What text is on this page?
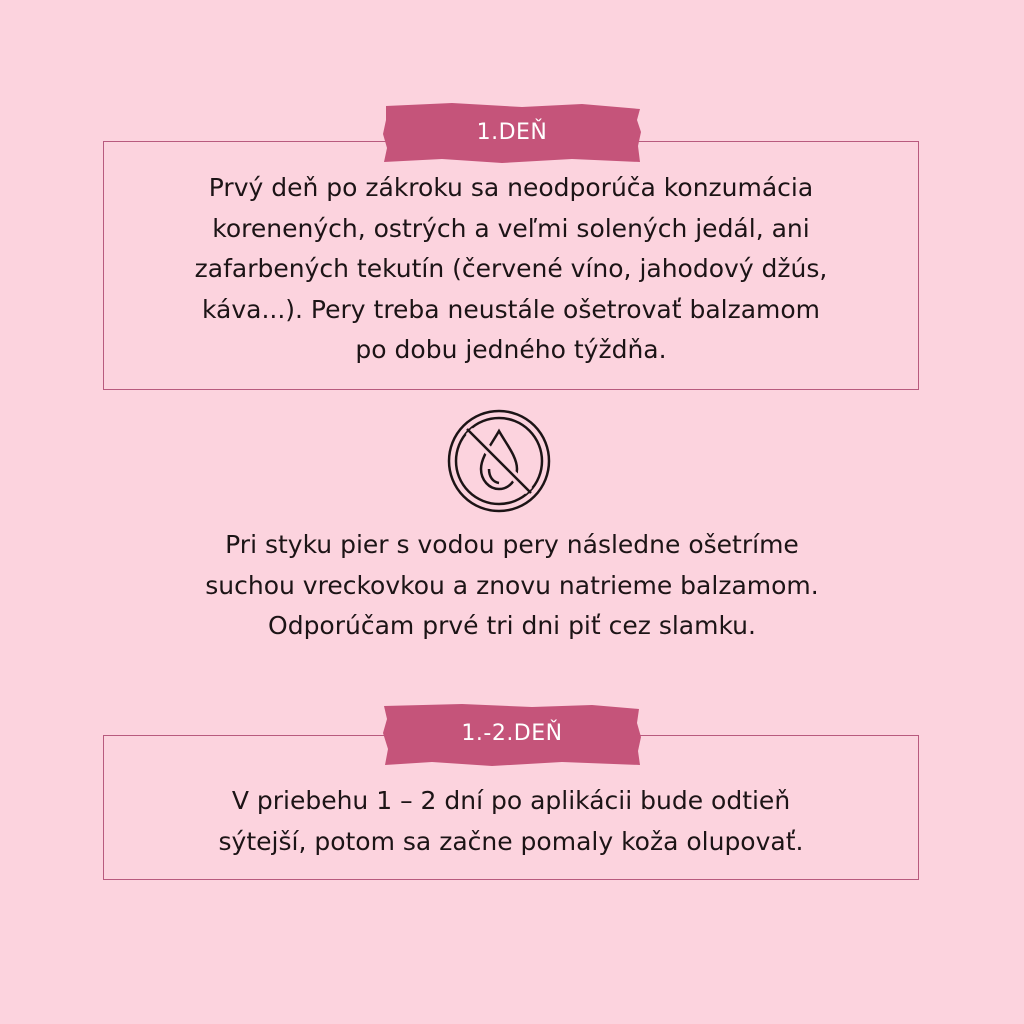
1.DEŇ
Prvý deň po zákroku sa neodporúča konzumácia
korenených, ostrých a veľmi solených jedál, ani
zafarbených tekutín (červené víno, jahodový džús,
káva...). Pery treba neustále ošetrovať balzamom
po dobu jedného týždňa.
Pri styku pier s vodou pery následne ošetríme
suchou vreckovkou a znovu natrieme balzamom.
Odporúčam prvé tri dni piť cez slamku.
1.-2.DEŇ
V priebehu 1 – 2 dní po aplikácii bude odtieň
sýtejší, potom sa začne pomaly koža olupovať.
